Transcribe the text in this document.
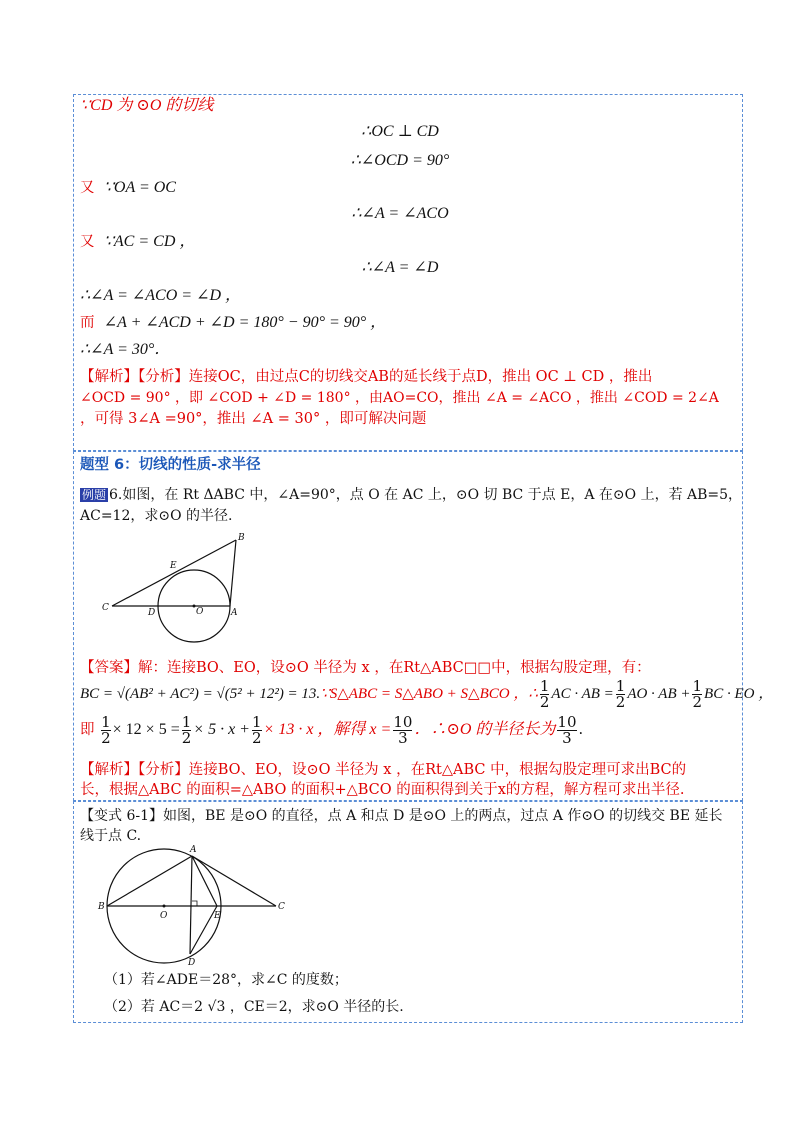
∵CD 为 ⊙O 的切线
∴OC ⊥ CD
∴∠OCD = 90°
又 ∵OA = OC
∴∠A = ∠ACO
又 ∵AC = CD ，
∴∠A = ∠D
∴∠A = ∠ACO = ∠D ，
而 ∠A + ∠ACD + ∠D = 180° − 90° = 90° ，
∴∠A = 30°．
【解析】【分析】连接OC，由过点C的切线交AB的延长线于点D，推出 OC ⊥ CD ，推出
∠OCD = 90° ，即 ∠COD + ∠D = 180° ，由AO=CO，推出 ∠A = ∠ACO ，推出 ∠COD = 2∠A
，可得 3∠A =90°，推出 ∠A = 30° ，即可解决问题
题型 6：切线的性质-求半径
例题 6.如图，在 Rt ΔABC 中，∠A=90°，点 O 在 AC 上，⊙O 切 BC 于点 E，A 在⊙O 上，若 AB=5，
AC=12，求⊙O 的半径.
B
E
C	D	O	A
【答案】解：连接BO、EO，设⊙O 半径为 x ，在Rt△ABC□□中，根据勾股定理，有：
BC = √(AB² + AC²) = √(5² + 12²) = 13. ∵S△ABC = S△ABO + S△BCO ，∴ $\frac{1}{2}$ AC · AB = $\frac{1}{2}$ AO · AB + $\frac{1}{2}$ BC · EO ，
即
$\frac{1}{2} \times 12 \times 5 = \frac{1}{2} \times 5 \cdot x + \frac{1}{2} \times 13 \cdot x$ ，解得 $x = \frac{10}{3}$ ．∴⊙O 的半径长为 $\frac{10}{3}$ .
【解析】【分析】连接BO、EO，设⊙O 半径为 x ，在Rt△ABC 中，根据勾股定理可求出BC的
长，根据△ABC 的面积=△ABO 的面积+△BCO 的面积得到关于x的方程，解方程可求出半径.
【变式 6-1】如图，BE 是⊙O 的直径，点 A 和点 D 是⊙O 上的两点，过点 A 作⊙O 的切线交 BE 延长
线于点 C.
A
B
O	E
C
D
（1）若∠ADE＝28°，求∠C 的度数；
（2）若 AC＝2 √3 ，CE＝2，求⊙O 半径的长.
